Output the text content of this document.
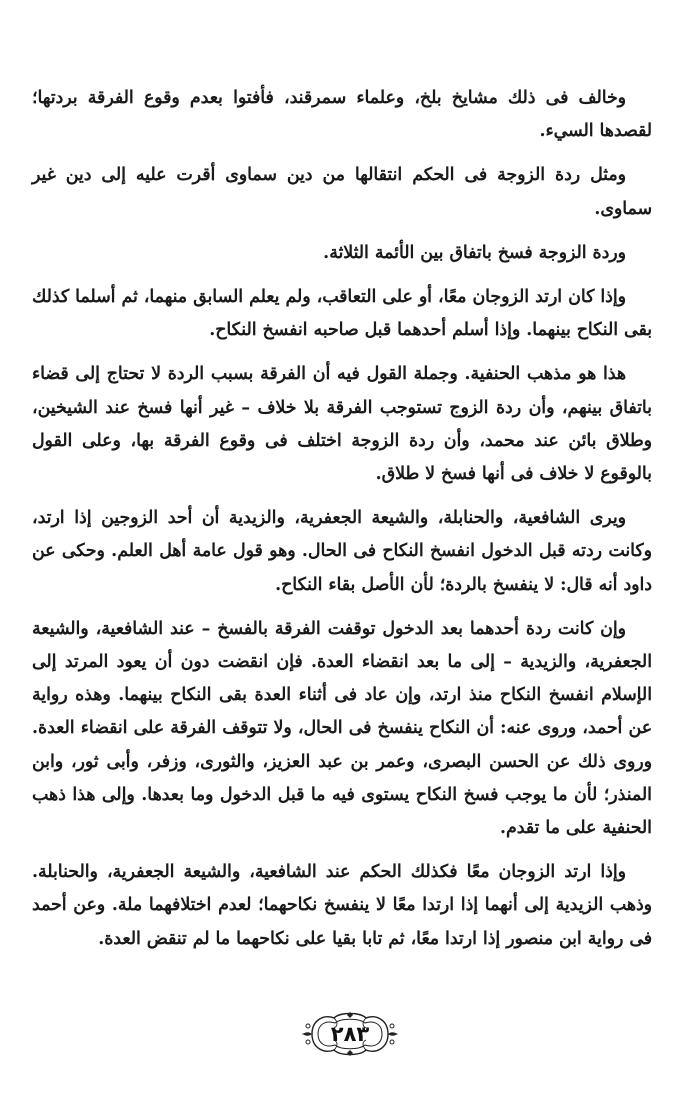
وخالف فى ذلك مشايخ بلخ، وعلماء سمرقند، فأفتوا بعدم وقوع الفرقة بردتها؛ لقصدها السيء.

ومثل ردة الزوجة فى الحكم انتقالها من دين سماوى أقرت عليه إلى دين غير سماوى.

وردة الزوجة فسخ باتفاق بين الأئمة الثلاثة.

وإذا كان ارتد الزوجان معًا، أو على التعاقب، ولم يعلم السابق منهما، ثم أسلما كذلك بقى النكاح بينهما. وإذا أسلم أحدهما قبل صاحبه انفسخ النكاح.

هذا هو مذهب الحنفية. وجملة القول فيه أن الفرقة بسبب الردة لا تحتاج إلى قضاء باتفاق بينهم، وأن ردة الزوج تستوجب الفرقة بلا خلاف – غير أنها فسخ عند الشيخين، وطلاق بائن عند محمد، وأن ردة الزوجة اختلف فى وقوع الفرقة بها، وعلى القول بالوقوع لا خلاف فى أنها فسخ لا طلاق.

ويرى الشافعية، والحنابلة، والشيعة الجعفرية، والزيدية أن أحد الزوجين إذا ارتد، وكانت ردته قبل الدخول انفسخ النكاح فى الحال. وهو قول عامة أهل العلم. وحكى عن داود أنه قال: لا ينفسخ بالردة؛ لأن الأصل بقاء النكاح.

وإن كانت ردة أحدهما بعد الدخول توقفت الفرقة بالفسخ – عند الشافعية، والشيعة الجعفرية، والزيدية – إلى ما بعد انقضاء العدة. فإن انقضت دون أن يعود المرتد إلى الإسلام انفسخ النكاح منذ ارتد، وإن عاد فى أثناء العدة بقى النكاح بينهما. وهذه رواية عن أحمد، وروى عنه: أن النكاح ينفسخ فى الحال، ولا تتوقف الفرقة على انقضاء العدة. وروى ذلك عن الحسن البصرى، وعمر بن عبد العزيز، والثورى، وزفر، وأبى ثور، وابن المنذر؛ لأن ما يوجب فسخ النكاح يستوى فيه ما قبل الدخول وما بعدها. وإلى هذا ذهب الحنفية على ما تقدم.

وإذا ارتد الزوجان معًا فكذلك الحكم عند الشافعية، والشيعة الجعفرية، والحنابلة. وذهب الزيدية إلى أنهما إذا ارتدا معًا لا ينفسخ نكاحهما؛ لعدم اختلافهما ملة. وعن أحمد فى رواية ابن منصور إذا ارتدا معًا، ثم تابا بقيا على نكاحهما ما لم تنقض العدة.

٢٨٣
